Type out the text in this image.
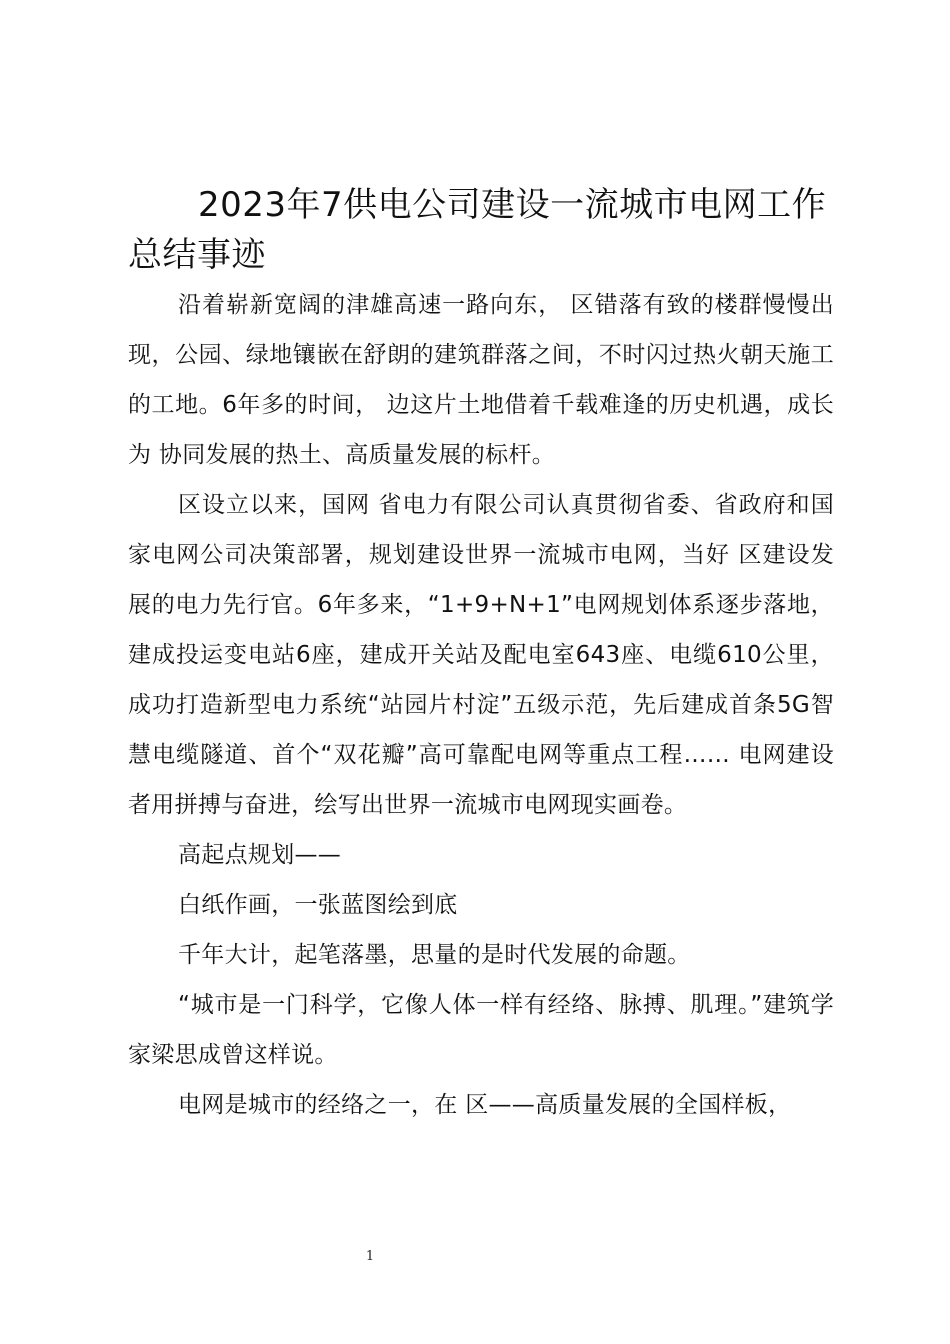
2023年7供电公司建设一流城市电网工作总结事迹

沿着崭新宽阔的津雄高速一路向东， 区错落有致的楼群慢慢出现，公园、绿地镶嵌在舒朗的建筑群落之间，不时闪过热火朝天施工的工地。6年多的时间， 边这片土地借着千载难逢的历史机遇，成长为 协同发展的热土、高质量发展的标杆。

区设立以来，国网 省电力有限公司认真贯彻省委、省政府和国家电网公司决策部署，规划建设世界一流城市电网，当好 区建设发展的电力先行官。6年多来，“1+9+N+1”电网规划体系逐步落地，建成投运变电站6座，建成开关站及配电室643座、电缆610公里，成功打造新型电力系统“站园片村淀”五级示范，先后建成首条5G智慧电缆隧道、首个“双花瓣”高可靠配电网等重点工程…… 电网建设者用拼搏与奋进，绘写出世界一流城市电网现实画卷。

高起点规划——

白纸作画，一张蓝图绘到底

千年大计，起笔落墨，思量的是时代发展的命题。

“城市是一门科学，它像人体一样有经络、脉搏、肌理。”建筑学家梁思成曾这样说。

电网是城市的经络之一，在 区——高质量发展的全国样板，

1
